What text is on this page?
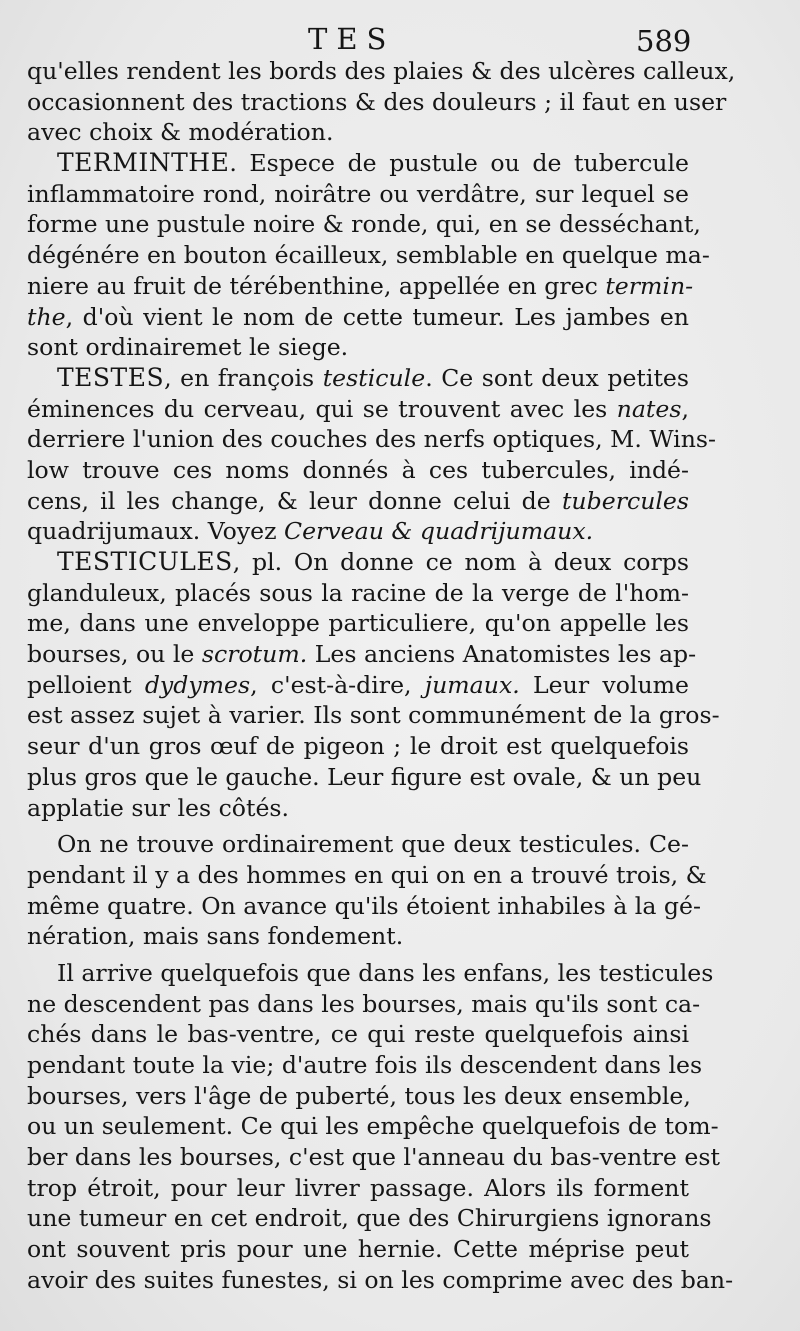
TES	589
qu'elles rendent les bords des plaies & des ulcères calleux,
occasionnent des tractions & des douleurs ; il faut en user
avec choix & modération.
TERMINTHE. Espece de pustule ou de tubercule
inflammatoire rond, noirâtre ou verdâtre, sur lequel se
forme une pustule noire & ronde, qui, en se desséchant,
dégénére en bouton écailleux, semblable en quelque ma-
niere au fruit de térébenthine, appellée en grec termin-
the, d'où vient le nom de cette tumeur. Les jambes en
sont ordinairemet le siege.
TESTES, en françois testicule. Ce sont deux petites
éminences du cerveau, qui se trouvent avec les nates,
derriere l'union des couches des nerfs optiques, M. Wins-
low trouve ces noms donnés à ces tubercules, indé-
cens, il les change, & leur donne celui de tubercules
quadrijumaux. Voyez Cerveau & quadrijumaux.
TESTICULES, pl. On donne ce nom à deux corps
glanduleux, placés sous la racine de la verge de l'hom-
me, dans une enveloppe particuliere, qu'on appelle les
bourses, ou le scrotum. Les anciens Anatomistes les ap-
pelloient dydymes, c'est-à-dire, jumaux. Leur volume
est assez sujet à varier. Ils sont communément de la gros-
seur d'un gros œuf de pigeon ; le droit est quelquefois
plus gros que le gauche. Leur figure est ovale, & un peu
applatie sur les côtés.
On ne trouve ordinairement que deux testicules. Ce-
pendant il y a des hommes en qui on en a trouvé trois, &
même quatre. On avance qu'ils étoient inhabiles à la gé-
nération, mais sans fondement.
Il arrive quelquefois que dans les enfans, les testicules
ne descendent pas dans les bourses, mais qu'ils sont ca-
chés dans le bas-ventre, ce qui reste quelquefois ainsi
pendant toute la vie; d'autre fois ils descendent dans les
bourses, vers l'âge de puberté, tous les deux ensemble,
ou un seulement. Ce qui les empêche quelquefois de tom-
ber dans les bourses, c'est que l'anneau du bas-ventre est
trop étroit, pour leur livrer passage. Alors ils forment
une tumeur en cet endroit, que des Chirurgiens ignorans
ont souvent pris pour une hernie. Cette méprise peut
avoir des suites funestes, si on les comprime avec des ban-
